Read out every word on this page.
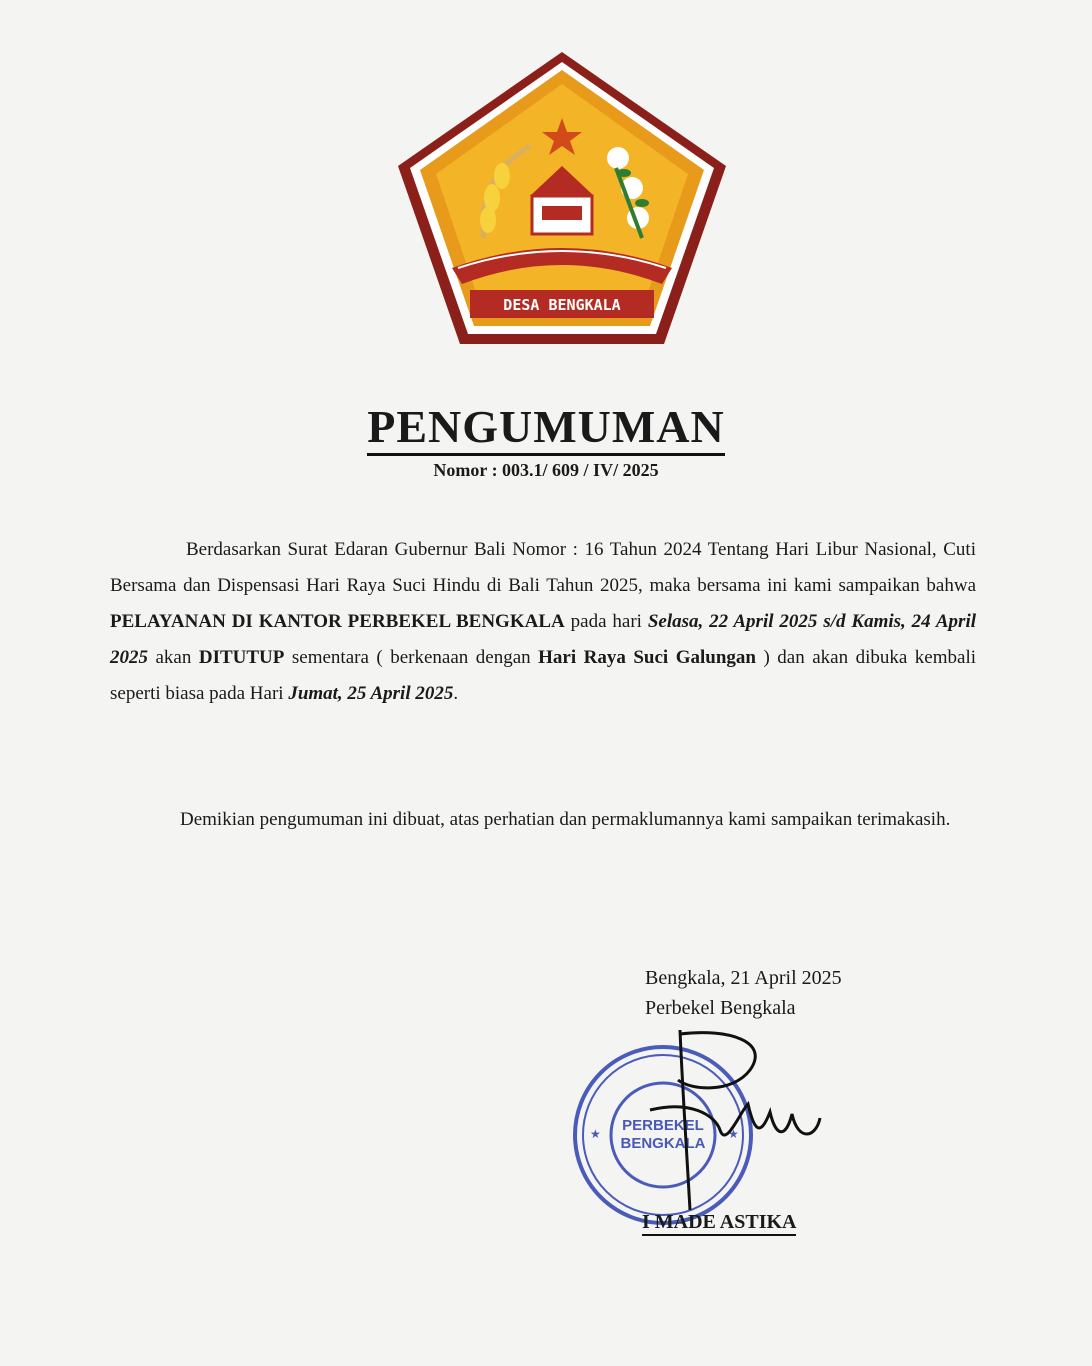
DESA BENGKALA
PENGUMUMAN
Nomor : 003.1/ 609 / IV/ 2025
Berdasarkan Surat Edaran Gubernur Bali Nomor : 16 Tahun 2024 Tentang Hari Libur Nasional, Cuti Bersama dan Dispensasi Hari Raya Suci Hindu di Bali Tahun 2025, maka bersama ini kami sampaikan bahwa PELAYANAN DI KANTOR PERBEKEL BENGKALA pada hari Selasa, 22 April 2025 s/d Kamis, 24 April 2025 akan DITUTUP sementara ( berkenaan dengan Hari Raya Suci Galungan ) dan akan dibuka kembali seperti biasa pada Hari Jumat, 25 April 2025.
Demikian pengumuman ini dibuat, atas perhatian dan permaklumannya kami sampaikan terimakasih.
Bengkala, 21 April 2025
Perbekel Bengkala
PERBEKEL
BENGKALA
★	★
I MADE ASTIKA
